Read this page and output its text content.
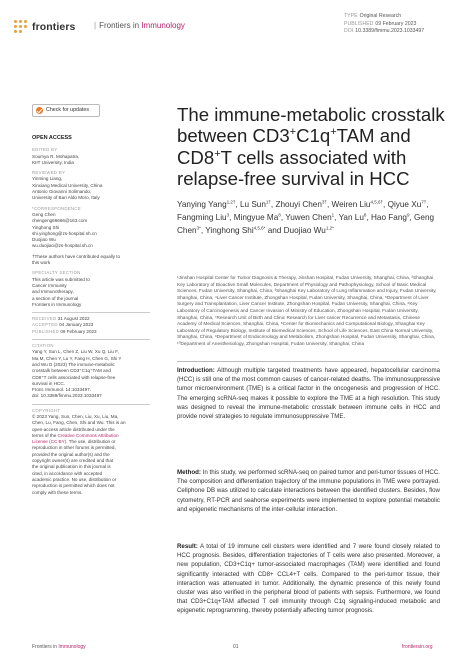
frontiers | Frontiers in Immunology
TYPE Original Research
PUBLISHED 09 February 2023
DOI 10.3389/fimmu.2023.1033497
Check for updates
OPEN ACCESS
EDITED BY
Soumya R. Mohapatra,
KIIT University, India
REVIEWED BY
Yinming Liang,
Xinxiang Medical University, China
Antonio Giovanni Solimando,
University of Bari Aldo Moro, Italy
*CORRESPONDENCE
Geng Chen
chengeng66666@163.com
Yinghong Shi
shi.yinghong@zs-hospital.sh.cn
Duojiao Wu
wu.duojiao@zs-hospital.sh.cn
†These authors have contributed equally to
this work
SPECIALTY SECTION
This article was submitted to
Cancer Immunity
and Immunotherapy,
a section of the journal
Frontiers in Immunology
RECEIVED 31 August 2022
ACCEPTED 04 January 2023
PUBLISHED 09 February 2023
CITATION
Yang Y, Sun L, Chen Z, Liu W, Xu Q, Liu F,
Ma M, Chen Y, Lu Y, Fang H, Chen G, Shi Y
and Wu D (2023) The immune-metabolic
crosstalk between CD3⁺C1q⁺TAM and
CD8⁺T cells associated with relapse-free
survival in HCC.
Front. Immunol. 14:1033497.
doi: 10.3389/fimmu.2023.1033497
COPYRIGHT
© 2023 Yang, Sun, Chen, Liu, Xu, Liu, Ma,
Chen, Lu, Fang, Chen, Shi and Wu. This is an
open-access article distributed under the
terms of the Creative Commons Attribution
License (CC BY). The use, distribution or
reproduction in other forums is permitted,
provided the original author(s) and the
copyright owner(s) are credited and that
the original publication in this journal is
cited, in accordance with accepted
academic practice. No use, distribution or
reproduction is permitted which does not
comply with these terms.
The immune-metabolic crosstalk
between CD3+C1q+TAM and
CD8+T cells associated with
relapse-free survival in HCC
Yanying Yang$^{1,2\dagger}$, Lu Sun$^{1\dagger}$, Zhouyi Chen$^{3\dagger}$, Weiren Liu$^{4,5,6\dagger}$, Qiyue $Xu^{7\dagger}$, Fangming Liu$^3$, Mingyue Ma$^8$, Yuwen Chen$^1$, Yan Lu$^8$, Hao Fang$^9$, Geng Chen$^{3*}$, Yinghong Shi$^{4,5,6*}$ and Duojiao $Wu^{1,2*}$
¹Jinshan Hospital Center for Tumor Diagnosis & Therapy, Jinshan Hospital, Fudan University, Shanghai, China, ²Shanghai Key Laboratory of Bioactive Small Molecules, Department of Physiology and Pathophysiology, School of Basic Medical Sciences, Fudan University, Shanghai, China, ³Shanghai Key Laboratory of Lung Inflammation and Injury, Fudan University, Shanghai, China, ⁴Liver Cancer Institute, Zhongshan Hospital, Fudan University, Shanghai, China, ⁵Department of Liver Surgery and Transplantation, Liver Cancer Institute, Zhongshan Hospital, Fudan University, Shanghai, China, ⁶Key Laboratory of Carcinogenesis and Cancer Invasion of Ministry of Education, Zhongshan Hospital, Fudan University, Shanghai, China, ⁷Research Unit of Birth and Clinic Research for Liver cancer Recurrence and Metastasis, Chinese Academy of Medical Sciences, Shanghai, China, ⁸Center for Biomechanics and Computational Biology, Shanghai Key Laboratory of Regulatory Biology, Institute of Biomedical Sciences, School of Life Sciences, East China Normal University, Shanghai, China, ⁹Department of Endocrinology and Metabolism, Zhongshan Hospital, Fudan University, Shanghai, China, ¹⁰Department of Anesthesiology, Zhongshan Hospital, Fudan University, Shanghai, China

Introduction: Although multiple targeted treatments have appeared, hepatocellular carcinoma (HCC) is still one of the most common causes of cancer-related deaths. The immunosuppressive tumor microenvironment (TME) is a critical factor in the oncogenesis and progression of HCC. The emerging scRNA-seq makes it possible to explore the TME at a high resolution. This study was designed to reveal the immune-metabolic crosstalk between immune cells in HCC and provide novel strategies to regulate immunosuppressive TME.

Method: In this study, we performed scRNA-seq on paired tumor and peri-tumor tissues of HCC. The composition and differentiation trajectory of the immune populations in TME were portrayed. Cellphone DB was utilized to calculate interactions between the identified clusters. Besides, flow cytometry, RT-PCR and seahorse experiments were implemented to explore potential metabolic and epigenetic mechanisms of the inter-cellular interaction.

Result: A total of 19 immune cell clusters were identified and 7 were found closely related to HCC prognosis. Besides, differentiation trajectories of T cells were also presented. Moreover, a new population, CD3+C1q+ tumor-associated macrophages (TAM) were identified and found significantly interacted with CD8+ CCL4+T cells. Compared to the peri-tumor tissue, their interaction was attenuated in tumor. Additionally, the dynamic presence of this newly found cluster was also verified in the peripheral blood of patients with sepsis. Furthermore, we found that CD3+C1q+TAM affected T cell immunity through C1q signaling-induced metabolic and epigenetic reprogramming, thereby potentially affecting tumor prognosis.

Frontiers in Immunology	01	frontiersin.org
